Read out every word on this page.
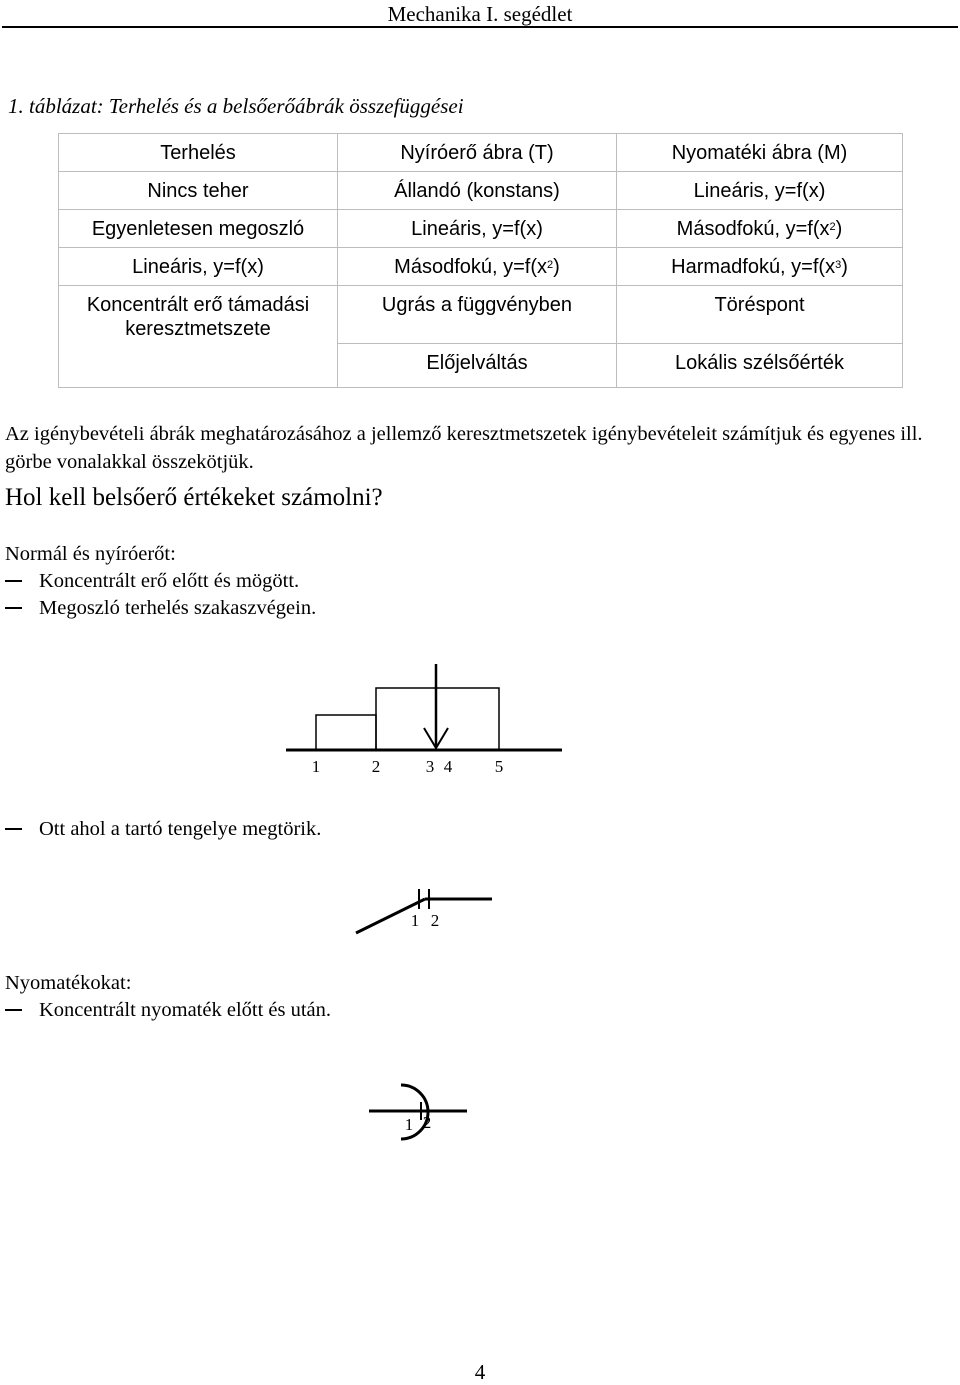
Mechanika I. segédlet
1. táblázat: Terhelés és a belsőerőábrák összefüggései
Terhelés	Nyíróerő ábra (T)	Nyomatéki ábra (M)
Nincs teher	Állandó (konstans)	Lineáris, y=f(x)
Egyenletesen megoszló	Lineáris, y=f(x)	Másodfokú, $y=f(x^2)$
Lineáris, y=f(x)	Másodfokú, $y=f(x^2)$	Harmadfokú, $y=f(x^3)$
Koncentrált erő támadási keresztmetszete	Ugrás a függvényben	Töréspont
	Előjelváltás	Lokális szélsőérték
Az igénybevételi ábrák meghatározásához a jellemző keresztmetszetek igénybevételeit számítjuk és egyenes ill. görbe vonalakkal összekötjük.
Hol kell belsőerő értékeket számolni?
Normál és nyíróerőt:
Koncentrált erő előtt és mögött.
Megoszló terhelés szakaszvégein.
1	2	3 4	5
Ott ahol a tartó tengelye megtörik.
1 2
Nyomatékokat:
Koncentrált nyomaték előtt és után.
1 2
4
